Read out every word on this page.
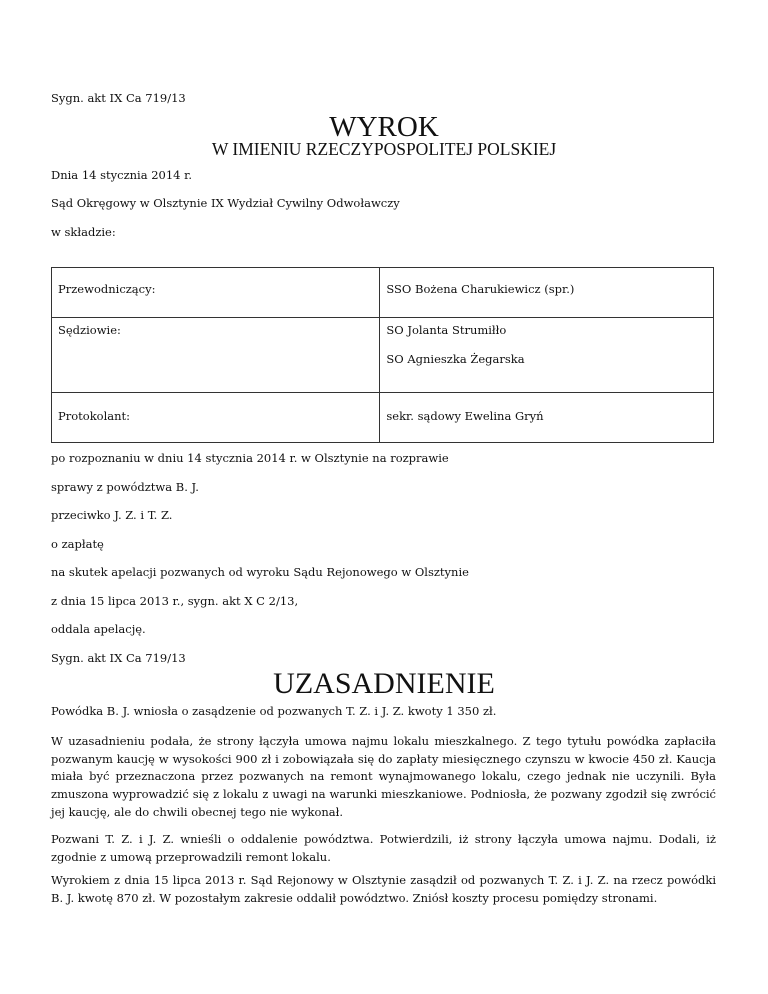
Sygn. akt IX Ca 719/13

WYROK
W IMIENIU RZECZYPOSPOLITEJ POLSKIEJ

Dnia 14 stycznia 2014 r.

Sąd Okręgowy w Olsztynie IX Wydział Cywilny Odwoławczy

w składzie:

Przewodniczący:	SSO Bożena Charukiewicz (spr.)

Sędziowie:	SO Jolanta Strumiłło
SO Agnieszka Żegarska

Protokolant:	sekr. sądowy Ewelina Gryń

po rozpoznaniu w dniu 14 stycznia 2014 r. w Olsztynie na rozprawie

sprawy z powództwa B. J.

przeciwko J. Z. i T. Z.

o zapłatę

na skutek apelacji pozwanych od wyroku Sądu Rejonowego w Olsztynie

z dnia 15 lipca 2013 r., sygn. akt X C 2/13,

oddala apelację.

Sygn. akt IX Ca 719/13

UZASADNIENIE

Powódka B. J. wniosła o zasądzenie od pozwanych T. Z. i J. Z. kwoty 1 350 zł.

W uzasadnieniu podała, że strony łączyła umowa najmu lokalu mieszkalnego. Z tego tytułu powódka zapłaciła pozwanym kaucję w wysokości 900 zł i zobowiązała się do zapłaty miesięcznego czynszu w kwocie 450 zł. Kaucja miała być przeznaczona przez pozwanych na remont wynajmowanego lokalu, czego jednak nie uczynili. Była zmuszona wyprowadzić się z lokalu z uwagi na warunki mieszkaniowe. Podniosła, że pozwany zgodził się zwrócić jej kaucję, ale do chwili obecnej tego nie wykonał.

Pozwani T. Z. i J. Z. wnieśli o oddalenie powództwa. Potwierdzili, iż strony łączyła umowa najmu. Dodali, iż zgodnie z umową przeprowadzili remont lokalu.

Wyrokiem z dnia 15 lipca 2013 r. Sąd Rejonowy w Olsztynie zasądził od pozwanych T. Z. i J. Z. na rzecz powódki B. J. kwotę 870 zł. W pozostałym zakresie oddalił powództwo. Zniósł koszty procesu pomiędzy stronami.
